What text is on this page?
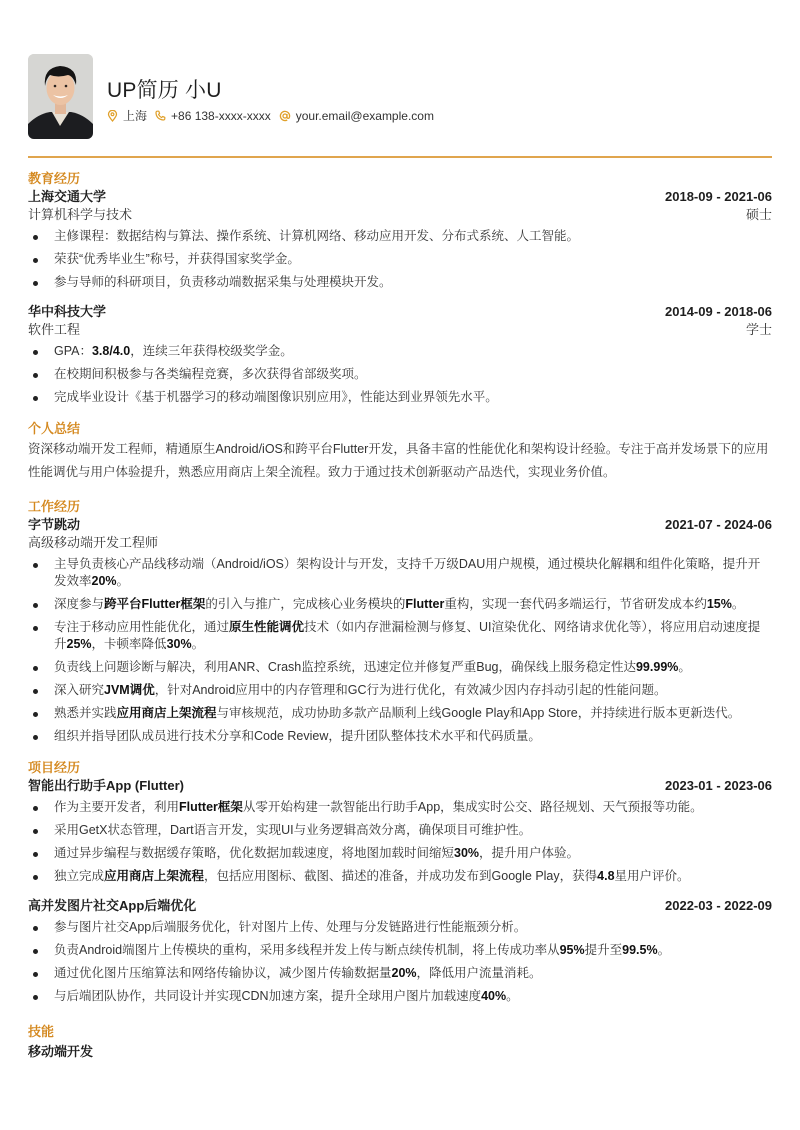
UP简历 小U
上海 +86 138-xxxx-xxxx your.email@example.com
教育经历
上海交通大学	2018-09 - 2021-06
计算机科学与技术	硕士
主修课程：数据结构与算法、操作系统、计算机网络、移动应用开发、分布式系统、人工智能。
荣获“优秀毕业生”称号，并获得国家奖学金。
参与导师的科研项目，负责移动端数据采集与处理模块开发。
华中科技大学	2014-09 - 2018-06
软件工程	学士
GPA：3.8/4.0，连续三年获得校级奖学金。
在校期间积极参与各类编程竞赛，多次获得省部级奖项。
完成毕业设计《基于机器学习的移动端图像识别应用》，性能达到业界领先水平。
个人总结
资深移动端开发工程师，精通原生Android/iOS和跨平台Flutter开发，具备丰富的性能优化和架构设计经验。专注于高并发场景下的应用性能调优与用户体验提升，熟悉应用商店上架全流程。致力于通过技术创新驱动产品迭代，实现业务价值。
工作经历
字节跳动	2021-07 - 2024-06
高级移动端开发工程师
主导负责核心产品线移动端（Android/iOS）架构设计与开发，支持千万级DAU用户规模，通过模块化解耦和组件化策略，提升开发效率20%。
深度参与跨平台Flutter框架的引入与推广，完成核心业务模块的Flutter重构，实现一套代码多端运行，节省研发成本约15%。
专注于移动应用性能优化，通过原生性能调优技术（如内存泄漏检测与修复、UI渲染优化、网络请求优化等），将应用启动速度提升25%，卡顿率降低30%。
负责线上问题诊断与解决，利用ANR、Crash监控系统，迅速定位并修复严重Bug，确保线上服务稳定性达99.99%。
深入研究JVM调优，针对Android应用中的内存管理和GC行为进行优化，有效减少因内存抖动引起的性能问题。
熟悉并实践应用商店上架流程与审核规范，成功协助多款产品顺利上线Google Play和App Store，并持续进行版本更新迭代。
组织并指导团队成员进行技术分享和Code Review，提升团队整体技术水平和代码质量。
项目经历
智能出行助手App (Flutter)	2023-01 - 2023-06
作为主要开发者，利用Flutter框架从零开始构建一款智能出行助手App，集成实时公交、路径规划、天气预报等功能。
采用GetX状态管理，Dart语言开发，实现UI与业务逻辑高效分离，确保项目可维护性。
通过异步编程与数据缓存策略，优化数据加载速度，将地图加载时间缩短30%，提升用户体验。
独立完成应用商店上架流程，包括应用图标、截图、描述的准备，并成功发布到Google Play，获得4.8星用户评价。
高并发图片社交App后端优化	2022-03 - 2022-09
参与图片社交App后端服务优化，针对图片上传、处理与分发链路进行性能瓶颈分析。
负责Android端图片上传模块的重构，采用多线程并发上传与断点续传机制，将上传成功率从95%提升至99.5%。
通过优化图片压缩算法和网络传输协议，减少图片传输数据量20%，降低用户流量消耗。
与后端团队协作，共同设计并实现CDN加速方案，提升全球用户图片加载速度40%。
技能
移动端开发
